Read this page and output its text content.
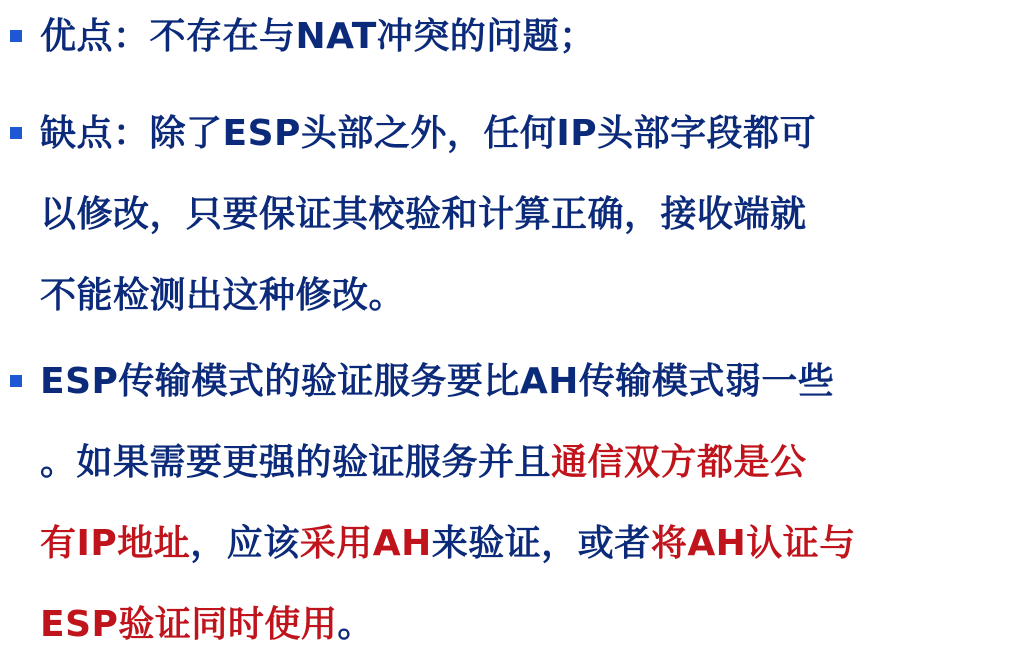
优点：不存在与NAT冲突的问题；
缺点：除了ESP头部之外，任何IP头部字段都可
以修改，只要保证其校验和计算正确，接收端就
不能检测出这种修改。
ESP传输模式的验证服务要比AH传输模式弱一些
。如果需要更强的验证服务并且通信双方都是公
有IP地址，应该采用AH来验证，或者将AH认证与
ESP验证同时使用。
